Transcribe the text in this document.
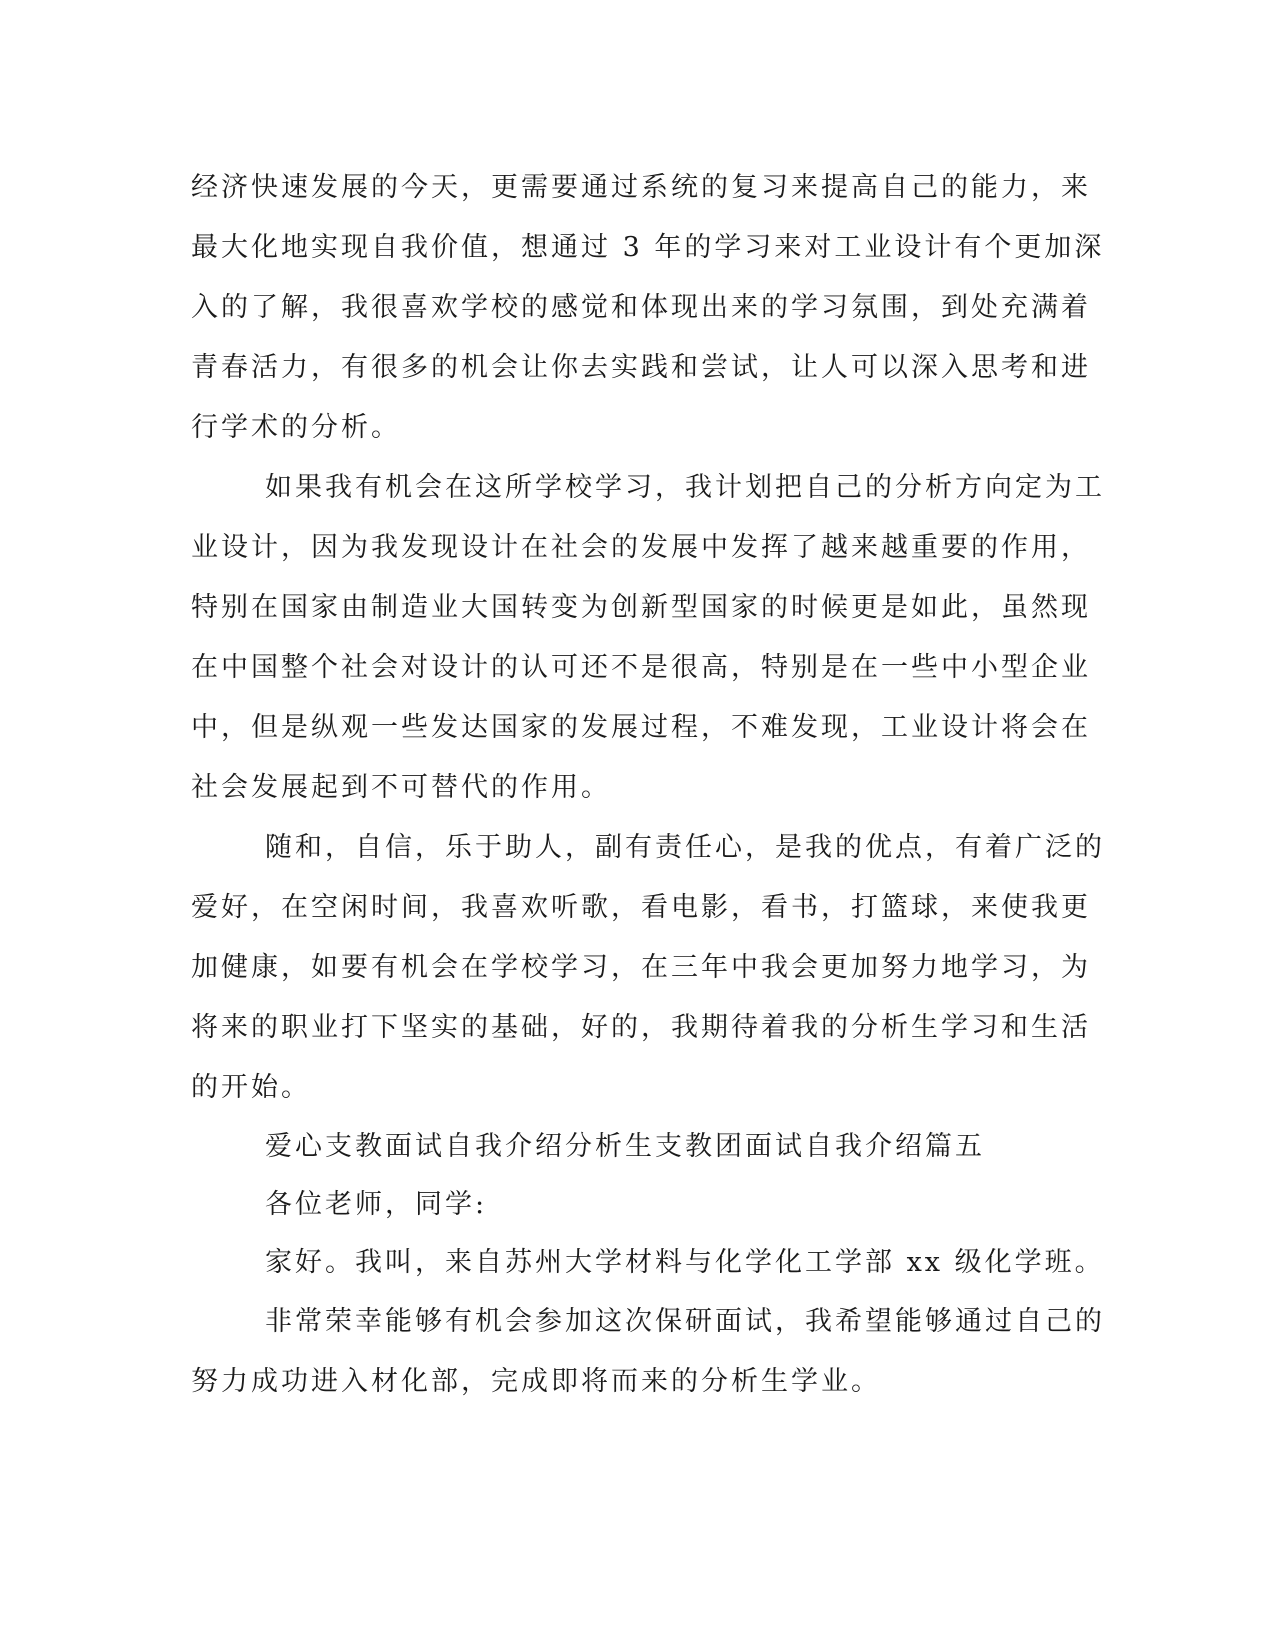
经济快速发展的今天，更需要通过系统的复习来提高自己的能力，来
最大化地实现自我价值，想通过 3 年的学习来对工业设计有个更加深
入的了解，我很喜欢学校的感觉和体现出来的学习氛围，到处充满着
青春活力，有很多的机会让你去实践和尝试，让人可以深入思考和进
行学术的分析。
如果我有机会在这所学校学习，我计划把自己的分析方向定为工
业设计，因为我发现设计在社会的发展中发挥了越来越重要的作用，
特别在国家由制造业大国转变为创新型国家的时候更是如此，虽然现
在中国整个社会对设计的认可还不是很高，特别是在一些中小型企业
中，但是纵观一些发达国家的发展过程，不难发现，工业设计将会在
社会发展起到不可替代的作用。
随和，自信，乐于助人，副有责任心，是我的优点，有着广泛的
爱好，在空闲时间，我喜欢听歌，看电影，看书，打篮球，来使我更
加健康，如要有机会在学校学习，在三年中我会更加努力地学习，为
将来的职业打下坚实的基础，好的，我期待着我的分析生学习和生活
的开始。
爱心支教面试自我介绍分析生支教团面试自我介绍篇五
各位老师，同学:
家好。我叫，来自苏州大学材料与化学化工学部 xx 级化学班。
非常荣幸能够有机会参加这次保研面试，我希望能够通过自己的
努力成功进入材化部，完成即将而来的分析生学业。
